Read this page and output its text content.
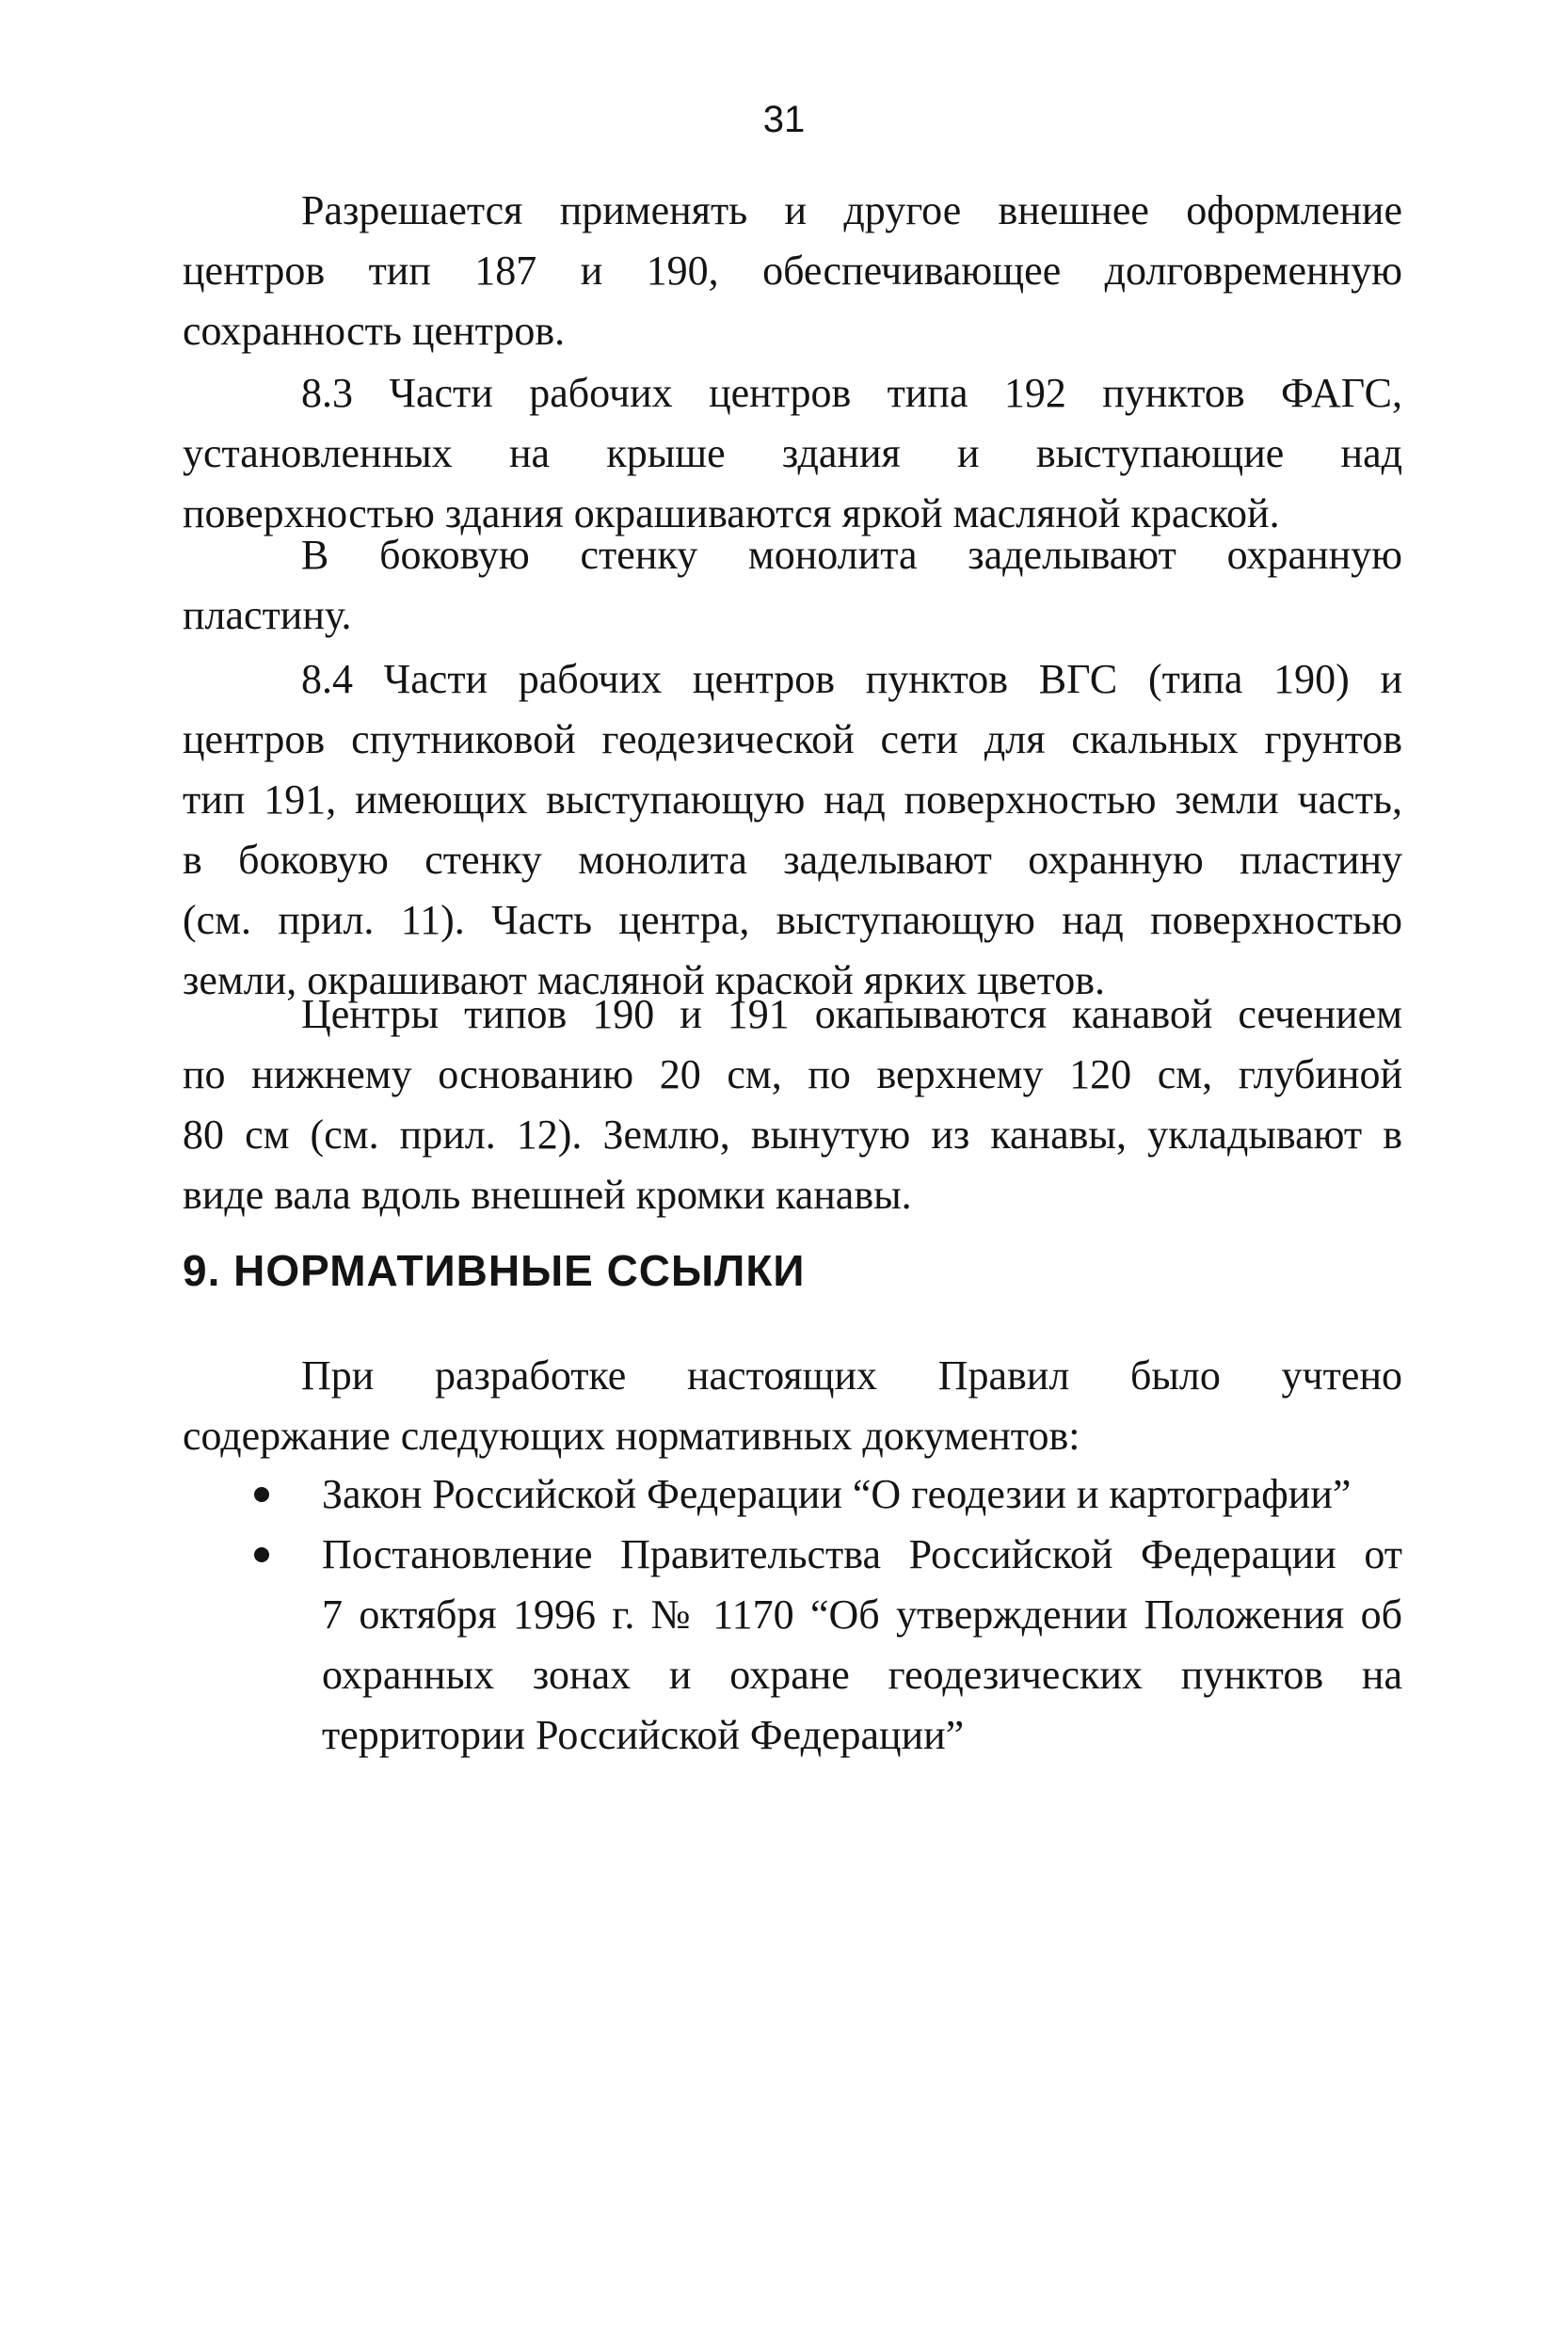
31
Разрешается применять и другое внешнее оформление
центров тип 187 и 190, обеспечивающее долговременную
сохранность центров.
8.3 Части рабочих центров типа 192 пунктов ФАГС,
установленных на крыше здания и выступающие над
поверхностью здания окрашиваются яркой масляной краской.
В боковую стенку монолита заделывают охранную
пластину.
8.4 Части рабочих центров пунктов ВГС (типа 190) и
центров спутниковой геодезической сети для скальных грунтов
тип 191, имеющих выступающую над поверхностью земли часть,
в боковую стенку монолита заделывают охранную пластину
(см. прил. 11). Часть центра, выступающую над поверхностью
земли, окрашивают масляной краской ярких цветов.
Центры типов 190 и 191 окапываются канавой сечением
по нижнему основанию 20 см, по верхнему 120 см, глубиной
80 см (см. прил. 12). Землю, вынутую из канавы, укладывают в
виде вала вдоль внешней кромки канавы.
9. НОРМАТИВНЫЕ ССЫЛКИ
При разработке настоящих Правил было учтено
содержание следующих нормативных документов:
Закон Российской Федерации “О геодезии и картографии”
Постановление Правительства Российской Федерации от
7 октября 1996 г. № 1170 “Об утверждении Положения об
охранных зонах и охране геодезических пунктов на
территории Российской Федерации”
